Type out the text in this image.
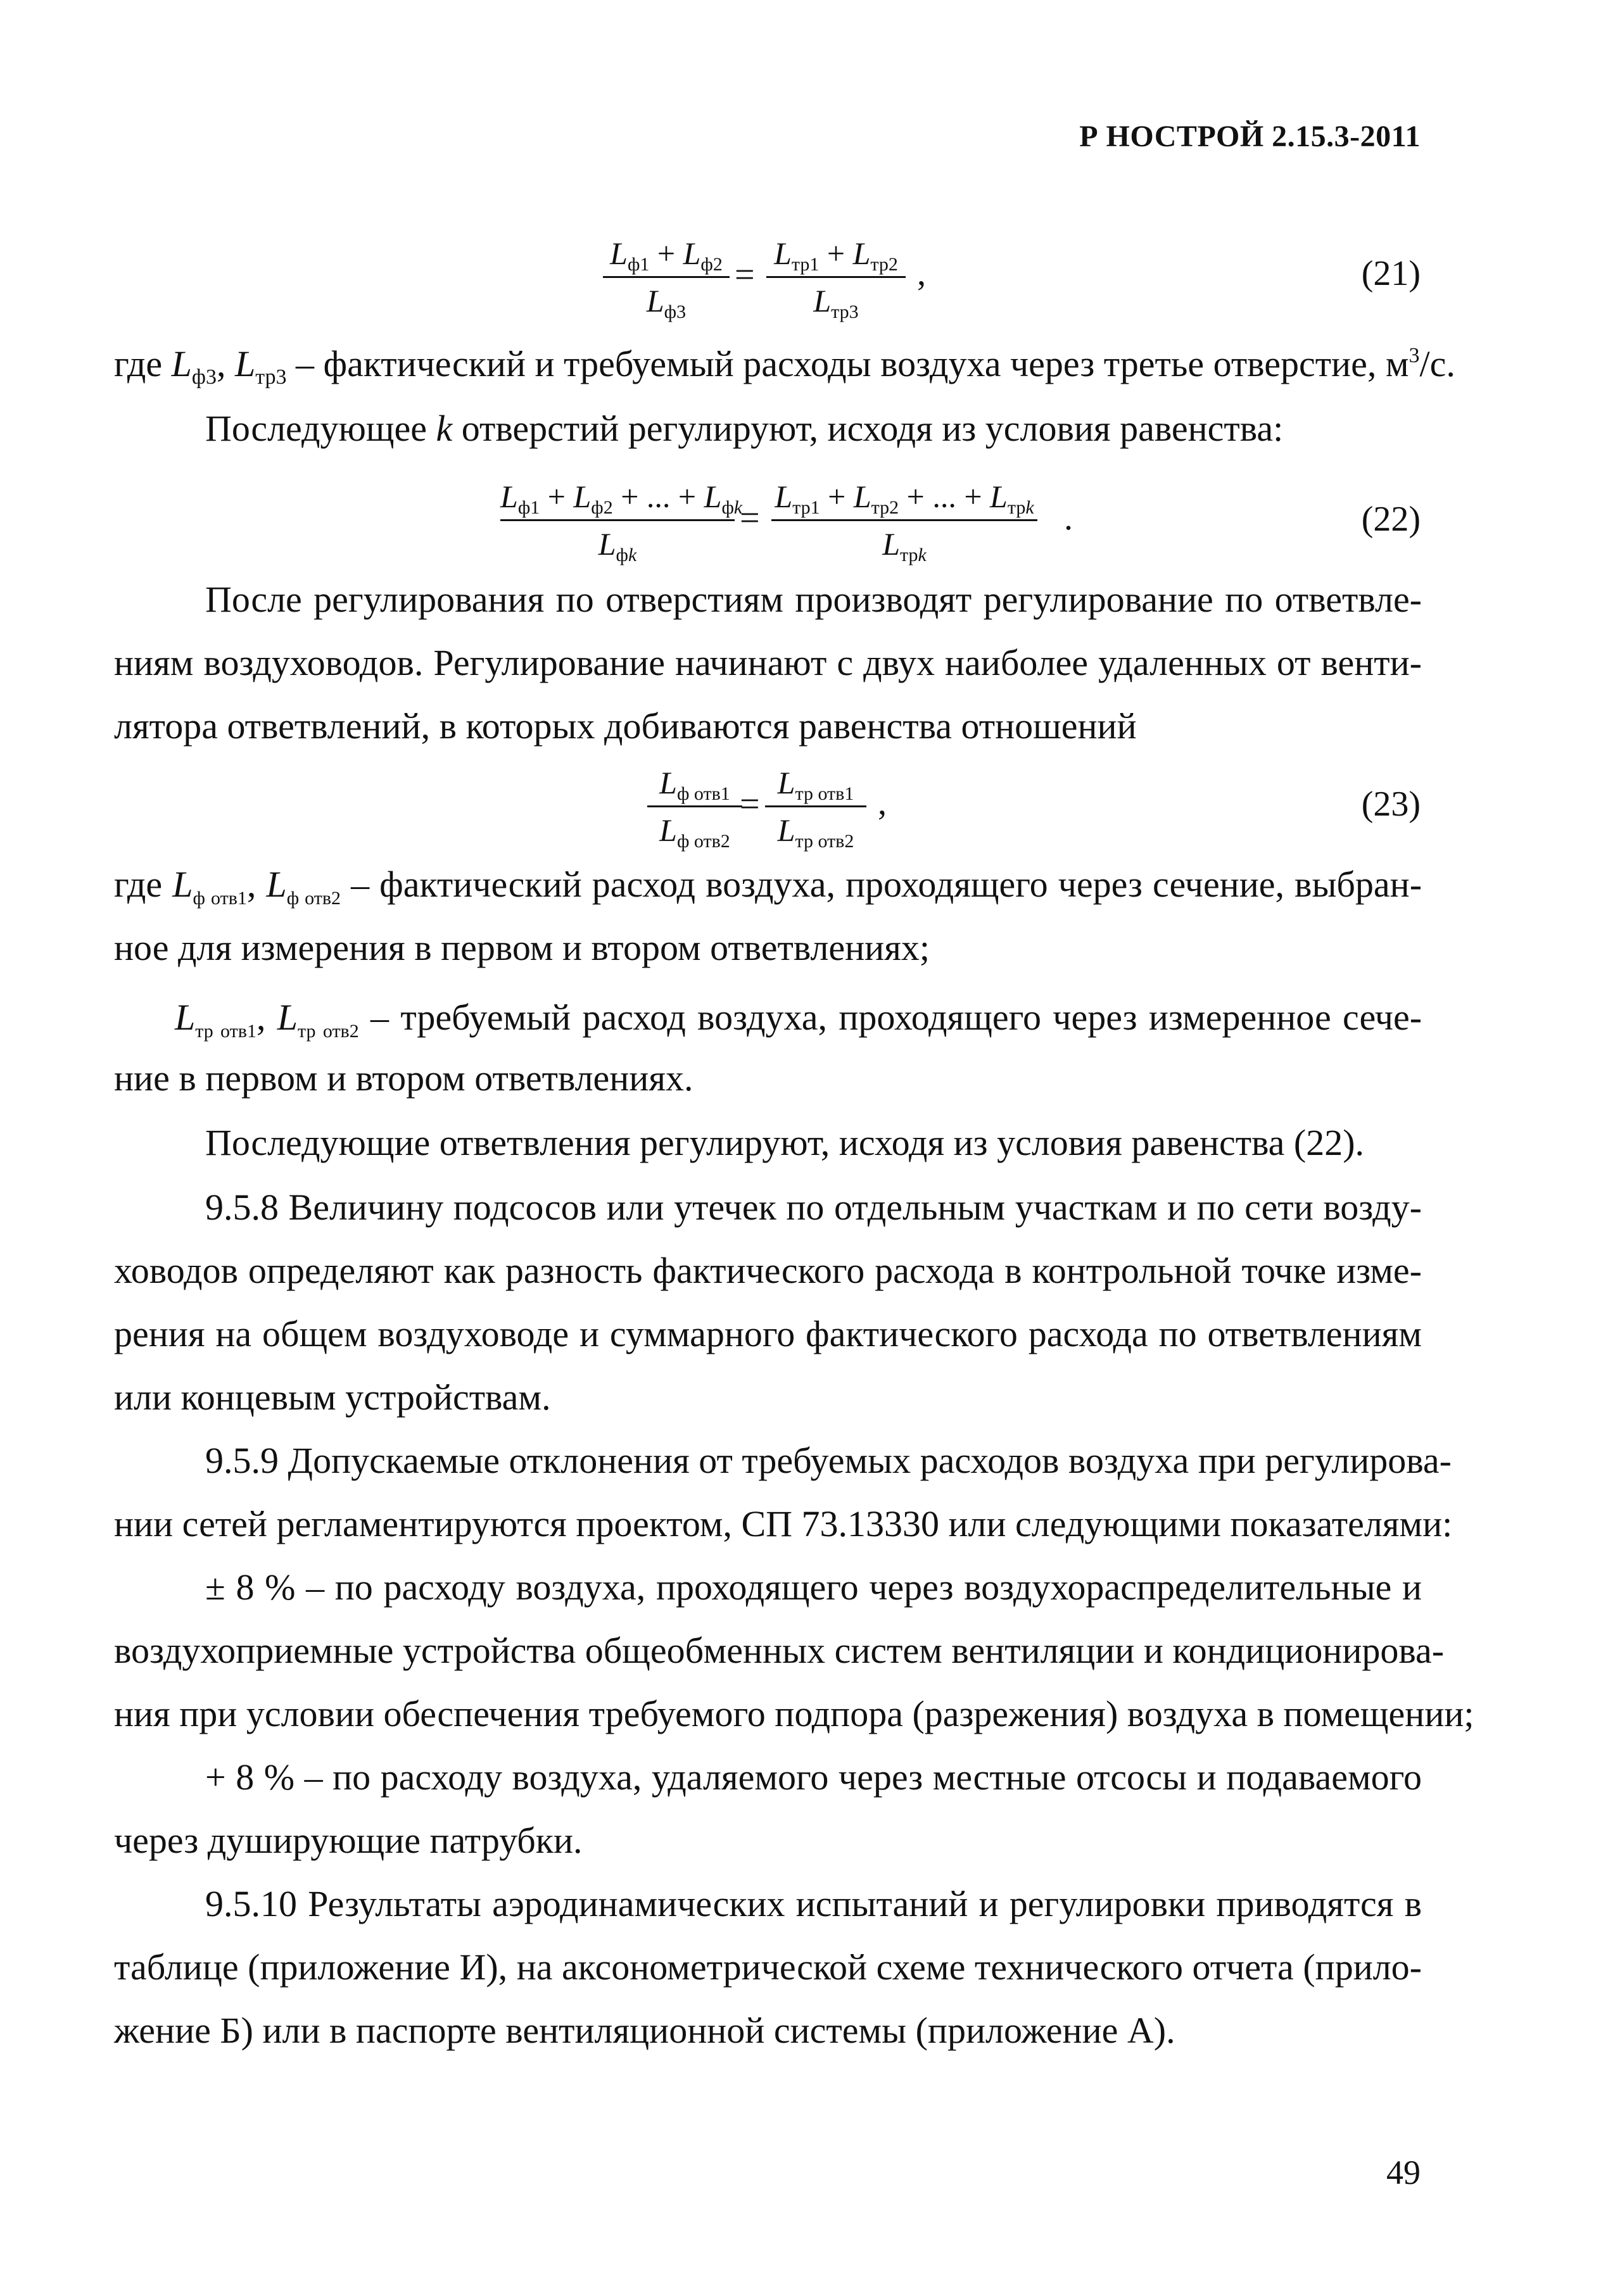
Р НОСТРОЙ 2.15.3-2011
$L_{ф1} + L_{ф2}$
$L_{ф3}$
=
$L_{тр1} + L_{тр2}$
$L_{тр3}$
,	(21)
где $L_{ф3}$, $L_{тр3}$ – фактический и требуемый расходы воздуха через третье отверстие, $м^3/с$.
Последующее k отверстий регулируют, исходя из условия равенства:
$L_{ф1} + L_{ф2}$ + ... + $L_{фk}$
$L_{фk}$
=
$L_{тр1} + L_{тр2}$ + ... + $L_{трk}$
$L_{трk}$
.	(22)
После регулирования по отверстиям производят регулирование по ответвле-
ниям воздуховодов. Регулирование начинают с двух наиболее удаленных от венти-
лятора ответвлений, в которых добиваются равенства отношений
$L_{ф отв1}$
$L_{ф отв2}$
=
$L_{тр отв1}$
$L_{тр отв2}$
,	(23)
где $L_{ф отв1}$, $L_{ф отв2}$ – фактический расход воздуха, проходящего через сечение, выбран-
ное для измерения в первом и втором ответвлениях;
$L_{тр отв1}$, $L_{тр отв2}$ – требуемый расход воздуха, проходящего через измеренное сече-
ние в первом и втором ответвлениях.
Последующие ответвления регулируют, исходя из условия равенства (22).
9.5.8 Величину подсосов или утечек по отдельным участкам и по сети возду-
ховодов определяют как разность фактического расхода в контрольной точке изме-
рения на общем воздуховоде и суммарного фактического расхода по ответвлениям
или концевым устройствам.
9.5.9 Допускаемые отклонения от требуемых расходов воздуха при регулирова-
нии сетей регламентируются проектом, СП 73.13330 или следующими показателями:
± 8 % – по расходу воздуха, проходящего через воздухораспределительные и
воздухоприемные устройства общеобменных систем вентиляции и кондиционирова-
ния при условии обеспечения требуемого подпора (разрежения) воздуха в помещении;
+ 8 % – по расходу воздуха, удаляемого через местные отсосы и подаваемого
через душирующие патрубки.
9.5.10 Результаты аэродинамических испытаний и регулировки приводятся в
таблице (приложение И), на аксонометрической схеме технического отчета (прило-
жение Б) или в паспорте вентиляционной системы (приложение А).
49
